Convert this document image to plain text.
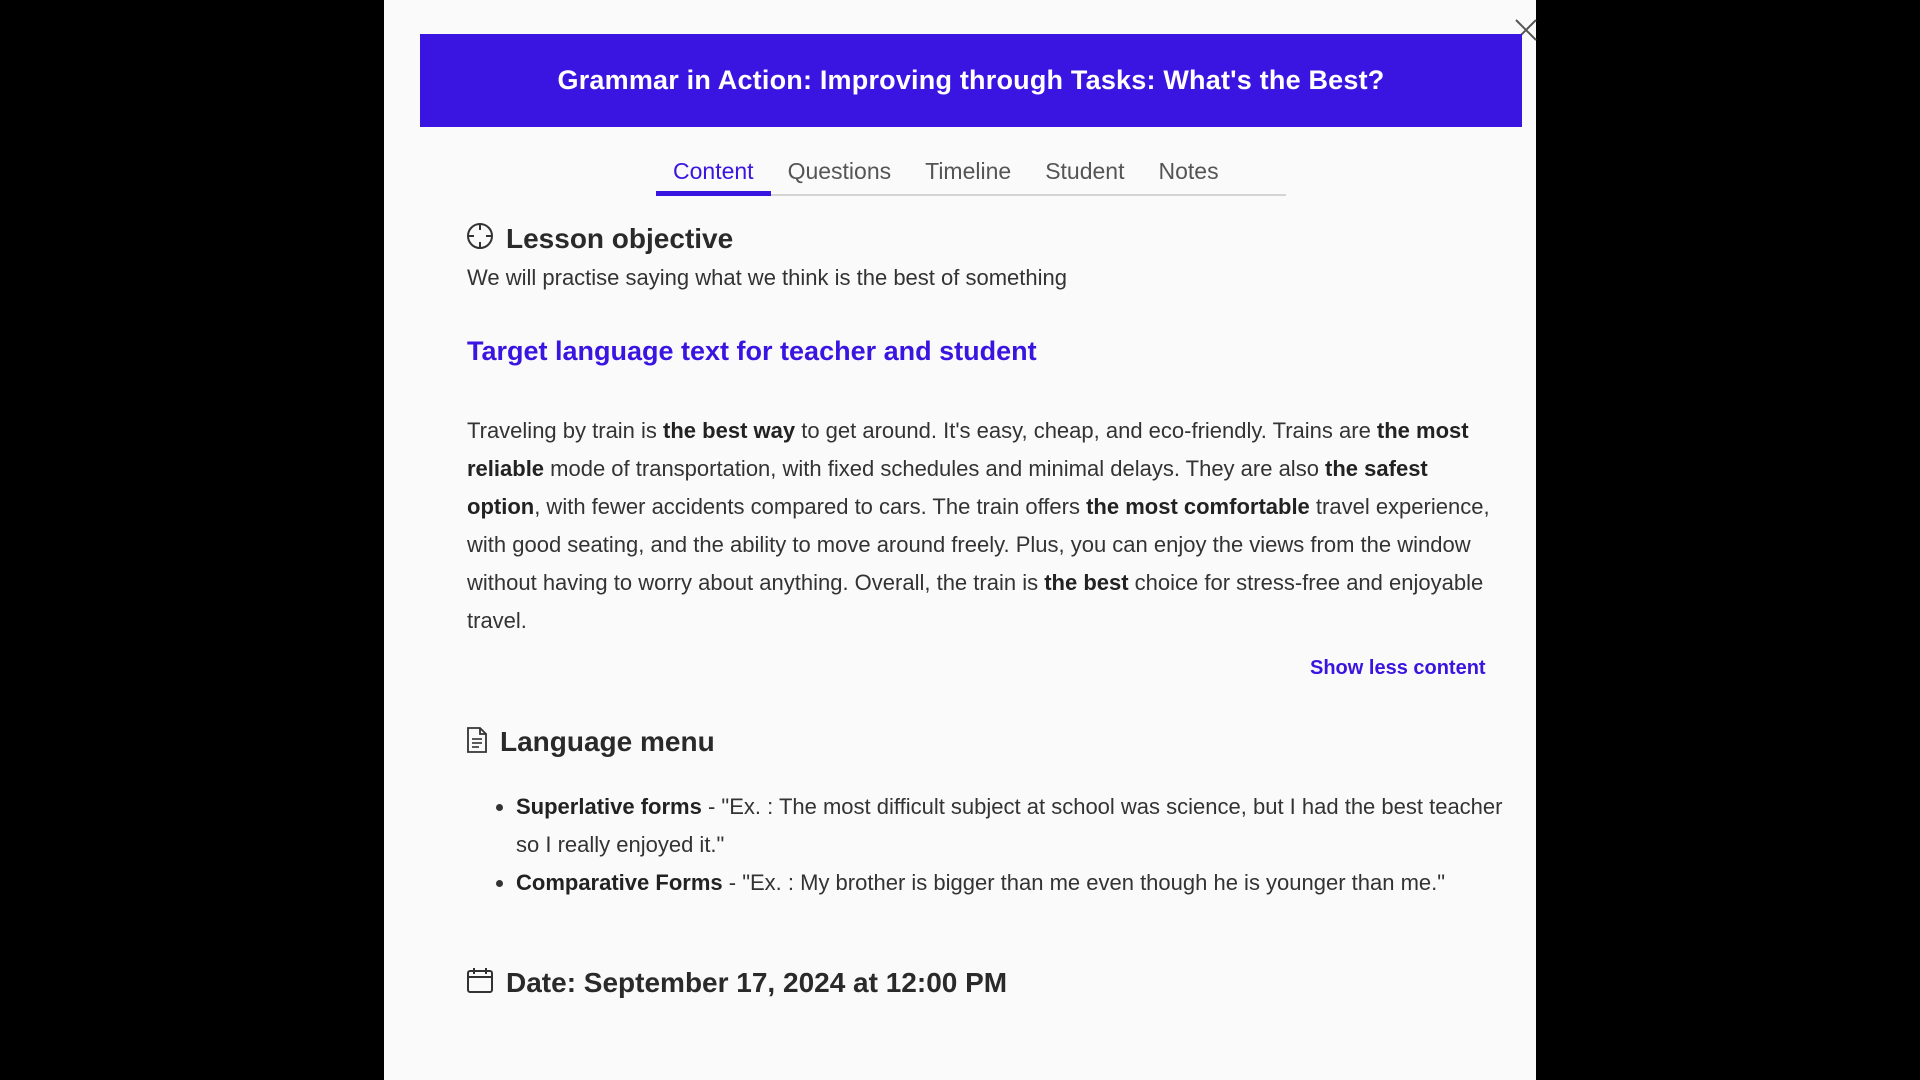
Grammar in Action: Improving through Tasks: What's the Best?
Content	Questions	Timeline	Student	Notes
Lesson objective
We will practise saying what we think is the best of something
Target language text for teacher and student
Traveling by train is the best way to get around. It's easy, cheap, and eco-friendly. Trains are the most reliable mode of transportation, with fixed schedules and minimal delays. They are also the safest option, with fewer accidents compared to cars. The train offers the most comfortable travel experience, with good seating, and the ability to move around freely. Plus, you can enjoy the views from the window without having to worry about anything. Overall, the train is the best choice for stress-free and enjoyable travel.
Show less content
Language menu
• Superlative forms - "Ex. : The most difficult subject at school was science, but I had the best teacher so I really enjoyed it."
• Comparative Forms - "Ex. : My brother is bigger than me even though he is younger than me."
Date: September 17, 2024 at 12:00 PM
